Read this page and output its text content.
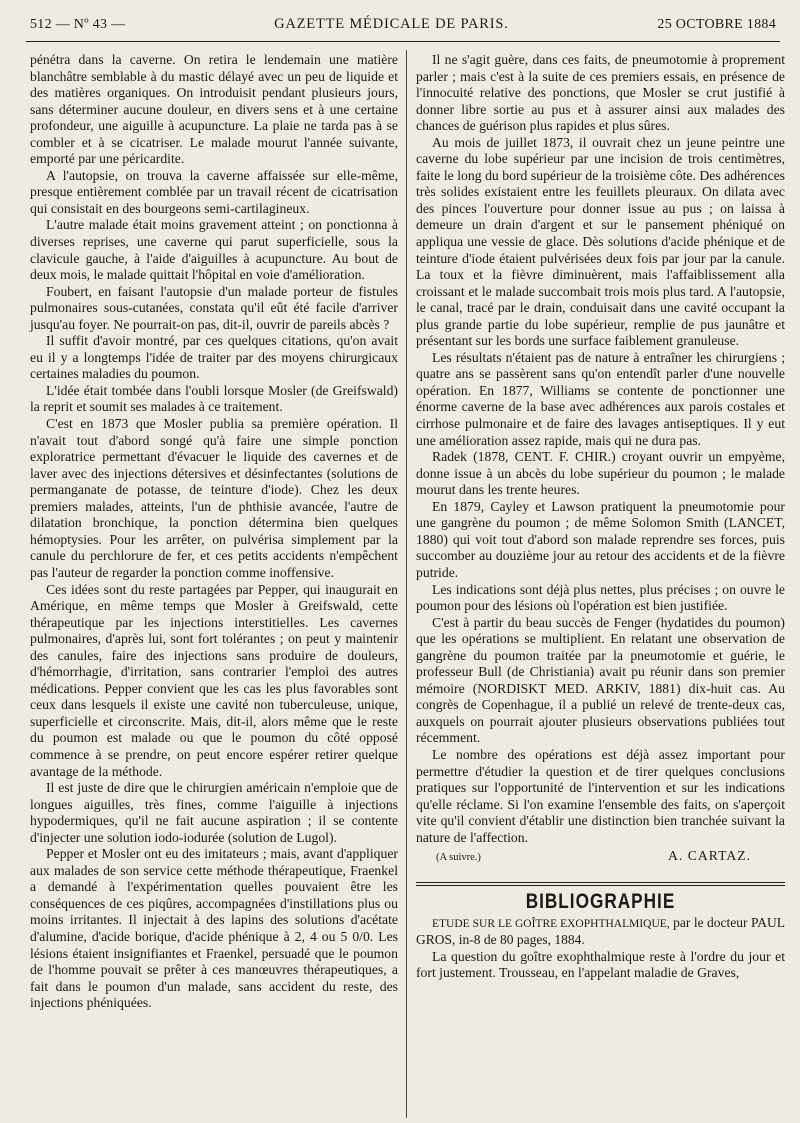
512 — Nº 43 —	GAZETTE MÉDICALE DE PARIS.	25 OCTOBRE 1884

pénétra dans la caverne. On retira le lendemain une matière blanchâtre semblable à du mastic délayé avec un peu de liquide et des matières organiques. On introduisit pendant plusieurs jours, sans déterminer aucune douleur, en divers sens et à une certaine profondeur, une aiguille à acupuncture. La plaie ne tarda pas à se combler et à se cicatriser. Le malade mourut l'année suivante, emporté par une péricardite.

A l'autopsie, on trouva la caverne affaissée sur elle-même, presque entièrement comblée par un travail récent de cicatrisation qui consistait en des bourgeons semi-cartilagineux.

L'autre malade était moins gravement atteint ; on ponctionna à diverses reprises, une caverne qui parut superficielle, sous la clavicule gauche, à l'aide d'aiguilles à acupuncture. Au bout de deux mois, le malade quittait l'hôpital en voie d'amélioration.

Foubert, en faisant l'autopsie d'un malade porteur de fistules pulmonaires sous-cutanées, constata qu'il eût été facile d'arriver jusqu'au foyer. Ne pourrait-on pas, dit-il, ouvrir de pareils abcès ?

Il suffit d'avoir montré, par ces quelques citations, qu'on avait eu il y a longtemps l'idée de traiter par des moyens chirurgicaux certaines maladies du poumon.

L'idée était tombée dans l'oubli lorsque Mosler (de Greifswald) la reprit et soumit ses malades à ce traitement.

C'est en 1873 que Mosler publia sa première opération. Il n'avait tout d'abord songé qu'à faire une simple ponction exploratrice permettant d'évacuer le liquide des cavernes et de laver avec des injections détersives et désinfectantes (solutions de permanganate de potasse, de teinture d'iode). Chez les deux premiers malades, atteints, l'un de phthisie avancée, l'autre de dilatation bronchique, la ponction détermina bien quelques hémoptysies. Pour les arrêter, on pulvérisa simplement par la canule du perchlorure de fer, et ces petits accidents n'empêchent pas l'auteur de regarder la ponction comme inoffensive.

Ces idées sont du reste partagées par Pepper, qui inaugurait en Amérique, en même temps que Mosler à Greifswald, cette thérapeutique par les injections interstitielles. Les cavernes pulmonaires, d'après lui, sont fort tolérantes ; on peut y maintenir des canules, faire des injections sans produire de douleurs, d'hémorrhagie, d'irritation, sans contrarier l'emploi des autres médications. Pepper convient que les cas les plus favorables sont ceux dans lesquels il existe une cavité non tuberculeuse, unique, superficielle et circonscrite. Mais, dit-il, alors même que le reste du poumon est malade ou que le poumon du côté opposé commence à se prendre, on peut encore espérer retirer quelque avantage de la méthode.

Il est juste de dire que le chirurgien américain n'emploie que de longues aiguilles, très fines, comme l'aiguille à injections hypodermiques, qu'il ne fait aucune aspiration ; il se contente d'injecter une solution iodo-iodurée (solution de Lugol).

Pepper et Mosler ont eu des imitateurs ; mais, avant d'appliquer aux malades de son service cette méthode thérapeutique, Fraenkel a demandé à l'expérimentation quelles pouvaient être les conséquences de ces piqûres, accompagnées d'instillations plus ou moins irritantes. Il injectait à des lapins des solutions d'acétate d'alumine, d'acide borique, d'acide phénique à 2, 4 ou 5 0/0. Les lésions étaient insignifiantes et Fraenkel, persuadé que le poumon de l'homme pouvait se prêter à ces manœuvres thérapeutiques, a fait dans le poumon d'un malade, sans accident du reste, des injections phéniquées.

Il ne s'agit guère, dans ces faits, de pneumotomie à proprement parler ; mais c'est à la suite de ces premiers essais, en présence de l'innocuité relative des ponctions, que Mosler se crut justifié à donner libre sortie au pus et à assurer ainsi aux malades des chances de guérison plus rapides et plus sûres.

Au mois de juillet 1873, il ouvrait chez un jeune peintre une caverne du lobe supérieur par une incision de trois centimètres, faite le long du bord supérieur de la troisième côte. Des adhérences très solides existaient entre les feuillets pleuraux. On dilata avec des pinces l'ouverture pour donner issue au pus ; on laissa à demeure un drain d'argent et sur le pansement phéniqué on appliqua une vessie de glace. Dès solutions d'acide phénique et de teinture d'iode étaient pulvérisées deux fois par jour par la canule. La toux et la fièvre diminuèrent, mais l'affaiblissement alla croissant et le malade succombait trois mois plus tard. A l'autopsie, le canal, tracé par le drain, conduisait dans une cavité occupant la plus grande partie du lobe supérieur, remplie de pus jaunâtre et présentant sur les bords une surface faiblement granuleuse.

Les résultats n'étaient pas de nature à entraîner les chirurgiens ; quatre ans se passèrent sans qu'on entendît parler d'une nouvelle opération. En 1877, Williams se contente de ponctionner une énorme caverne de la base avec adhérences aux parois costales et cirrhose pulmonaire et de faire des lavages antiseptiques. Il y eut une amélioration assez rapide, mais qui ne dura pas.

Radek (1878, CENT. F. CHIR.) croyant ouvrir un empyème, donne issue à un abcès du lobe supérieur du poumon ; le malade mourut dans les trente heures.

En 1879, Cayley et Lawson pratiquent la pneumotomie pour une gangrène du poumon ; de même Solomon Smith (LANCET, 1880) qui voit tout d'abord son malade reprendre ses forces, puis succomber au douzième jour au retour des accidents et de la fièvre putride.

Les indications sont déjà plus nettes, plus précises ; on ouvre le poumon pour des lésions où l'opération est bien justifiée.

C'est à partir du beau succès de Fenger (hydatides du poumon) que les opérations se multiplient. En relatant une observation de gangrène du poumon traitée par la pneumotomie et guérie, le professeur Bull (de Christiania) avait pu réunir dans son premier mémoire (NORDISKT MED. ARKIV, 1881) dix-huit cas. Au congrès de Copenhague, il a publié un relevé de trente-deux cas, auxquels on pourrait ajouter plusieurs observations publiées tout récemment.

Le nombre des opérations est déjà assez important pour permettre d'étudier la question et de tirer quelques conclusions pratiques sur l'opportunité de l'intervention et sur les indications qu'elle réclame. Si l'on examine l'ensemble des faits, on s'aperçoit vite qu'il convient d'établir une distinction bien tranchée suivant la nature de l'affection.

(A suivre.)	A. CARTAZ.
BIBLIOGRAPHIE
ETUDE SUR LE GOÎTRE EXOPHTHALMIQUE, par le docteur PAUL GROS, in-8 de 80 pages, 1884.

La question du goître exophthalmique reste à l'ordre du jour et fort justement. Trousseau, en l'appelant maladie de Graves,
